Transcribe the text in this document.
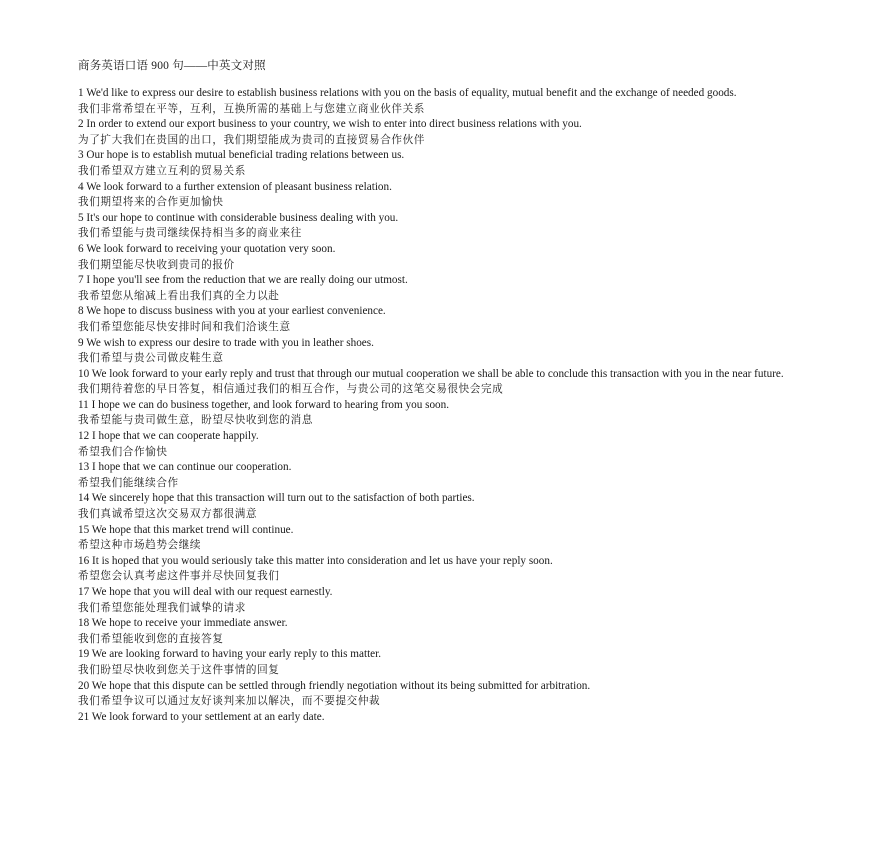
商务英语口语 900 句——中英文对照

1 We'd like to express our desire to establish business relations with you on the basis of equality, mutual benefit and the exchange of needed goods.

我们非常希望在平等，互利，互换所需的基础上与您建立商业伙伴关系

2 In order to extend our export business to your country, we wish to enter into direct business relations with you.

为了扩大我们在贵国的出口，我们期望能成为贵司的直接贸易合作伙伴

3 Our hope is to establish mutual beneficial trading relations between us.

我们希望双方建立互利的贸易关系

4 We look forward to a further extension of pleasant business relation.

我们期望将来的合作更加愉快

5 It's our hope to continue with considerable business dealing with you.

我们希望能与贵司继续保持相当多的商业来往

6 We look forward to receiving your quotation very soon.

我们期望能尽快收到贵司的报价

7 I hope you'll see from the reduction that we are really doing our utmost.

我希望您从缩减上看出我们真的全力以赴

8 We hope to discuss business with you at your earliest convenience.

我们希望您能尽快安排时间和我们洽谈生意

9 We wish to express our desire to trade with you in leather shoes.

我们希望与贵公司做皮鞋生意

10 We look forward to your early reply and trust that through our mutual cooperation we shall be able to conclude this transaction with you in the near future.

我们期待着您的早日答复，相信通过我们的相互合作，与贵公司的这笔交易很快会完成

11 I hope we can do business together, and look forward to hearing from you soon.

我希望能与贵司做生意，盼望尽快收到您的消息

12 I hope that we can cooperate happily.

希望我们合作愉快

13 I hope that we can continue our cooperation.

希望我们能继续合作

14 We sincerely hope that this transaction will turn out to the satisfaction of both parties.

我们真诚希望这次交易双方都很满意

15 We hope that this market trend will continue.

希望这种市场趋势会继续

16 It is hoped that you would seriously take this matter into consideration and let us have your reply soon.

希望您会认真考虑这件事并尽快回复我们

17 We hope that you will deal with our request earnestly.

我们希望您能处理我们诚挚的请求

18 We hope to receive your immediate answer.

我们希望能收到您的直接答复

19 We are looking forward to having your early reply to this matter.

我们盼望尽快收到您关于这件事情的回复

20 We hope that this dispute can be settled through friendly negotiation without its being submitted for arbitration.

我们希望争议可以通过友好谈判来加以解决，而不要提交仲裁

21 We look forward to your settlement at an early date.
